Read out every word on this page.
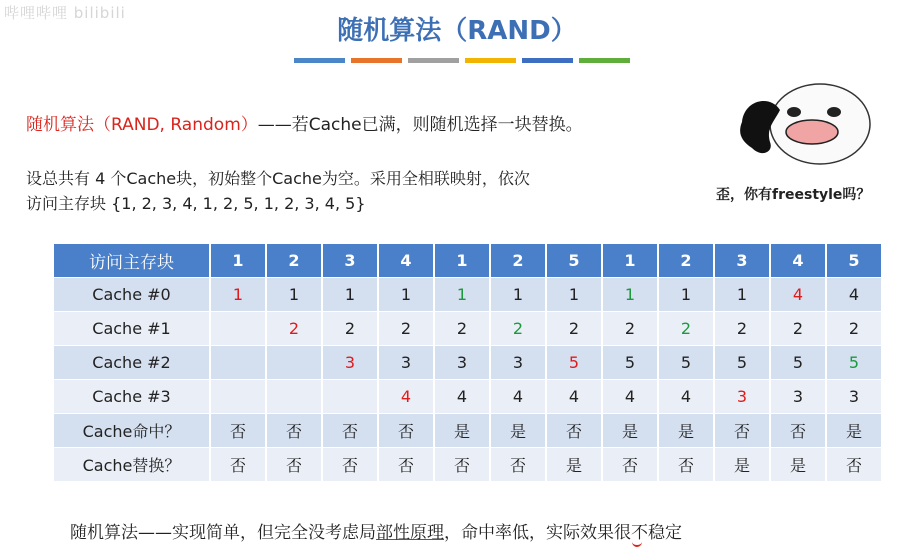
哔哩哔哩 bilibili
随机算法（RAND）
随机算法（RAND, Random）——若Cache已满，则随机选择一块替换。
设总共有 4 个Cache块，初始整个Cache为空。采用全相联映射，依次
访问主存块 {1, 2, 3, 4, 1, 2, 5, 1, 2, 3, 4, 5}	歪，你有freestyle吗？
访问主存块	1	2	3	4	1	2	5	1	2	3	4	5
Cache #0	1	1	1	1	1	1	1	1	1	1	4	4
Cache #1		2	2	2	2	2	2	2	2	2	2	2
Cache #2			3	3	3	3	5	5	5	5	5	5
Cache #3				4	4	4	4	4	4	3	3	3
Cache命中？	否	否	否	否	是	是	否	是	是	否	否	是
Cache替换？	否	否	否	否	否	否	是	否	否	是	是	否
随机算法——实现简单，但完全没考虑局部性原理，命中率低，实际效果很不稳定
